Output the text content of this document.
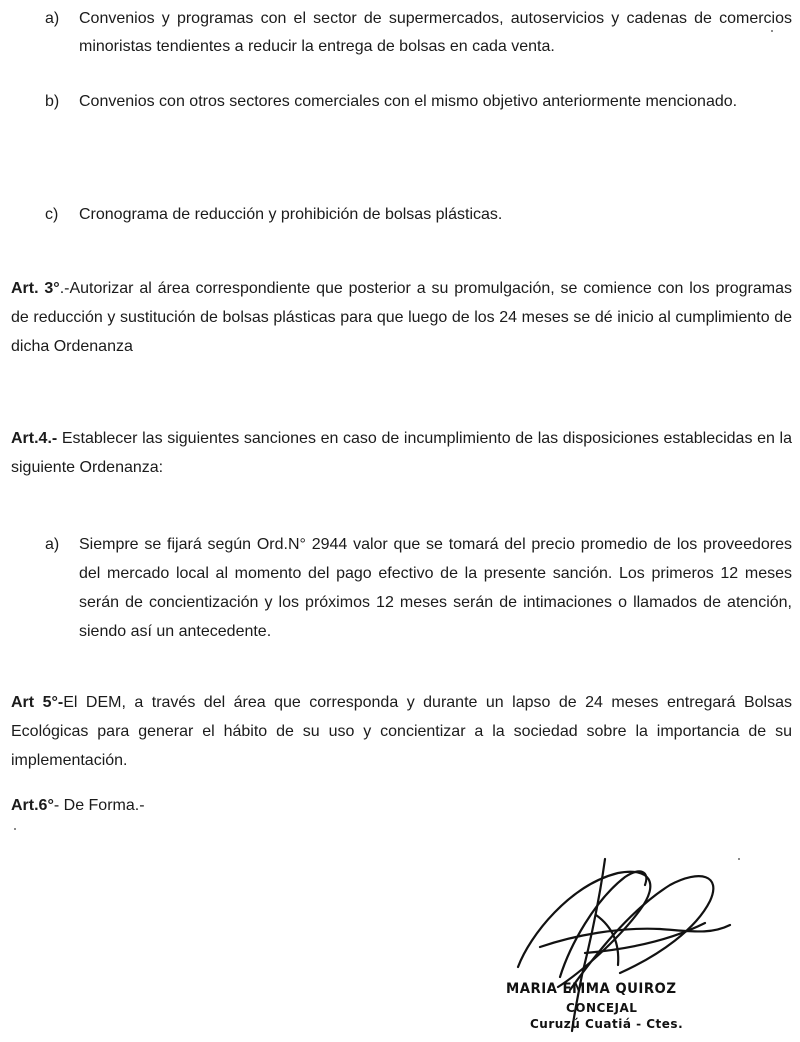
a) Convenios y programas con el sector de supermercados, autoservicios y cadenas de comercios minoristas tendientes a reducir la entrega de bolsas en cada venta.
b) Convenios con otros sectores comerciales con el mismo objetivo anteriormente mencionado.
c) Cronograma de reducción y prohibición de bolsas plásticas.

Art. 3°.-Autorizar al área correspondiente que posterior a su promulgación, se comience con los programas de reducción y sustitución de bolsas plásticas para que luego de los 24 meses se dé inicio al cumplimiento de dicha Ordenanza

Art.4.- Establecer las siguientes sanciones en caso de incumplimiento de las disposiciones establecidas en la siguiente Ordenanza:

a) Siempre se fijará según Ord.N° 2944 valor que se tomará del precio promedio de los proveedores del mercado local al momento del pago efectivo de la presente sanción. Los primeros 12 meses serán de concientización y los próximos 12 meses serán de intimaciones o llamados de atención, siendo así un antecedente.

Art 5°-El DEM, a través del área que corresponda y durante un lapso de 24 meses entregará Bolsas Ecológicas para generar el hábito de su uso y concientizar a la sociedad sobre la importancia de su implementación.

Art.6°- De Forma.-

MARIA EMMA QUIROZ
CONCEJAL
Curuzú Cuatiá - Ctes.
